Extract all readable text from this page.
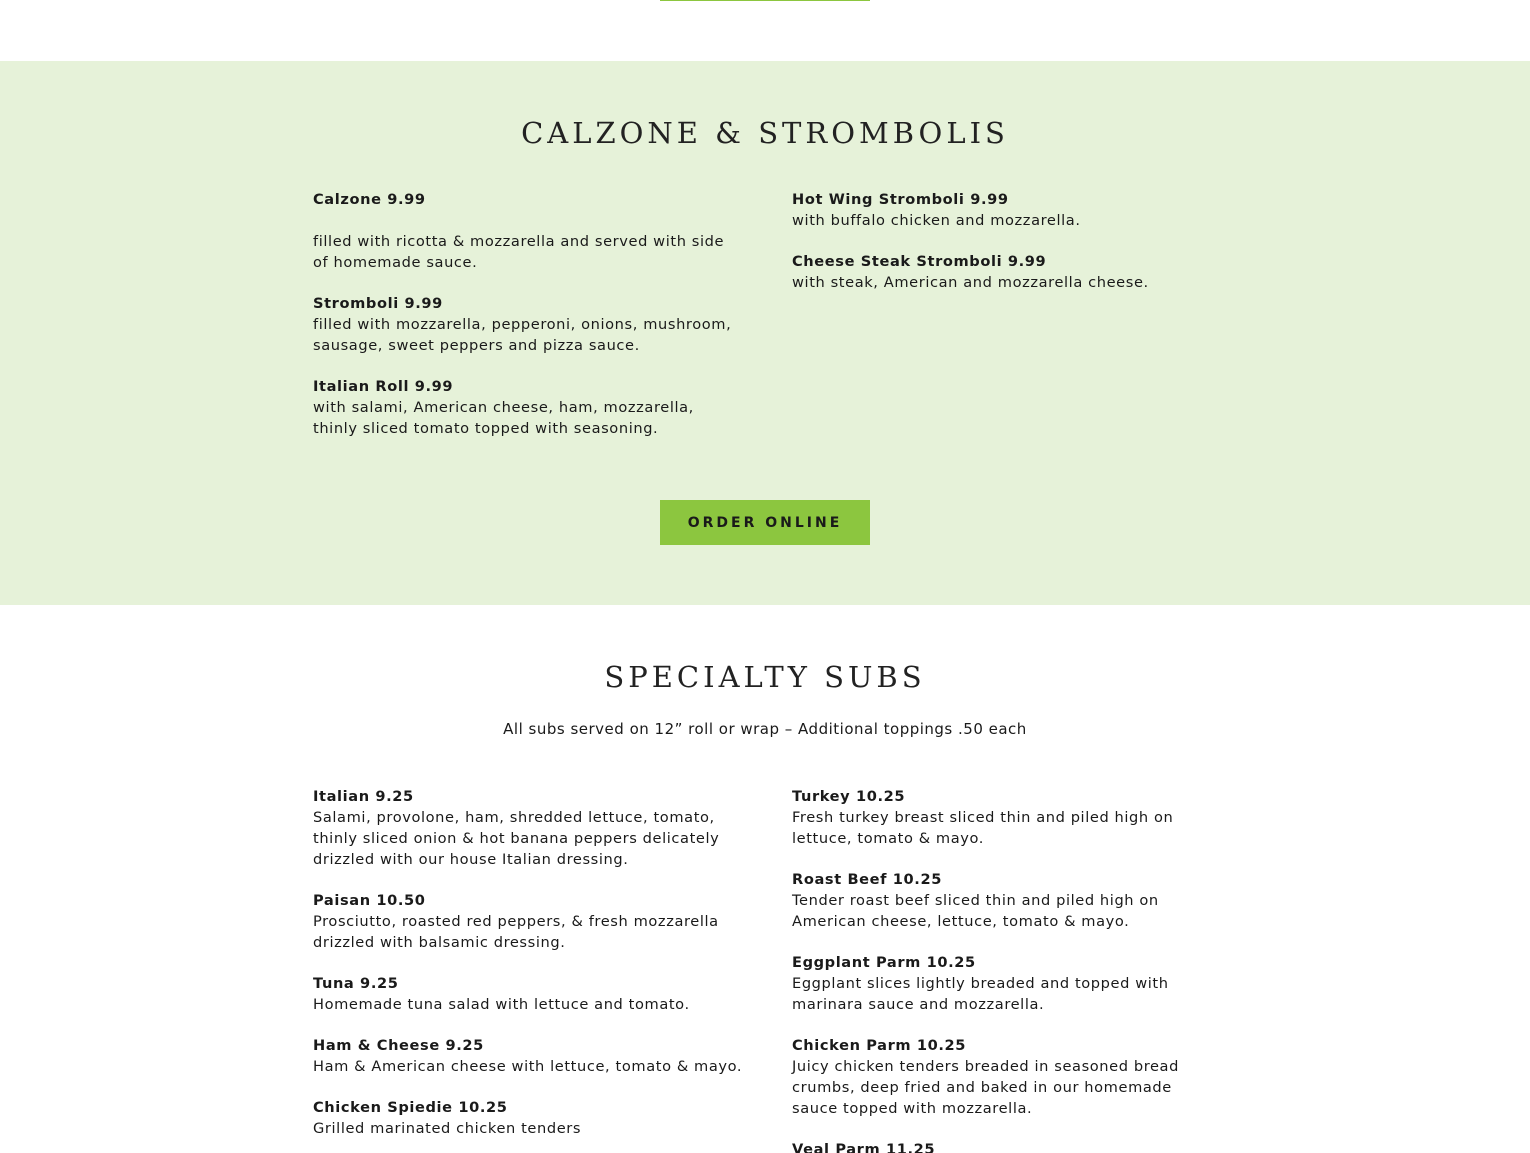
CALZONE & STROMBOLIS
Calzone 9.99
filled with ricotta & mozzarella and served with side of homemade sauce.
Stromboli 9.99
filled with mozzarella, pepperoni, onions, mushroom, sausage, sweet peppers and pizza sauce.
Italian Roll 9.99
with salami, American cheese, ham, mozzarella, thinly sliced tomato topped with seasoning.
Hot Wing Stromboli 9.99
with buffalo chicken and mozzarella.
Cheese Steak Stromboli 9.99
with steak, American and mozzarella cheese.
ORDER ONLINE
SPECIALTY SUBS
All subs served on 12” roll or wrap – Additional toppings .50 each
Italian 9.25
Salami, provolone, ham, shredded lettuce, tomato, thinly sliced onion & hot banana peppers delicately drizzled with our house Italian dressing.
Paisan 10.50
Prosciutto, roasted red peppers, & fresh mozzarella drizzled with balsamic dressing.
Tuna 9.25
Homemade tuna salad with lettuce and tomato.
Ham & Cheese 9.25
Ham & American cheese with lettuce, tomato & mayo.
Chicken Spiedie 10.25
Grilled marinated chicken tenders
Turkey 10.25
Fresh turkey breast sliced thin and piled high on lettuce, tomato & mayo.
Roast Beef 10.25
Tender roast beef sliced thin and piled high on American cheese, lettuce, tomato & mayo.
Eggplant Parm 10.25
Eggplant slices lightly breaded and topped with marinara sauce and mozzarella.
Chicken Parm 10.25
Juicy chicken tenders breaded in seasoned bread crumbs, deep fried and baked in our homemade sauce topped with mozzarella.
Veal Parm 11.25
